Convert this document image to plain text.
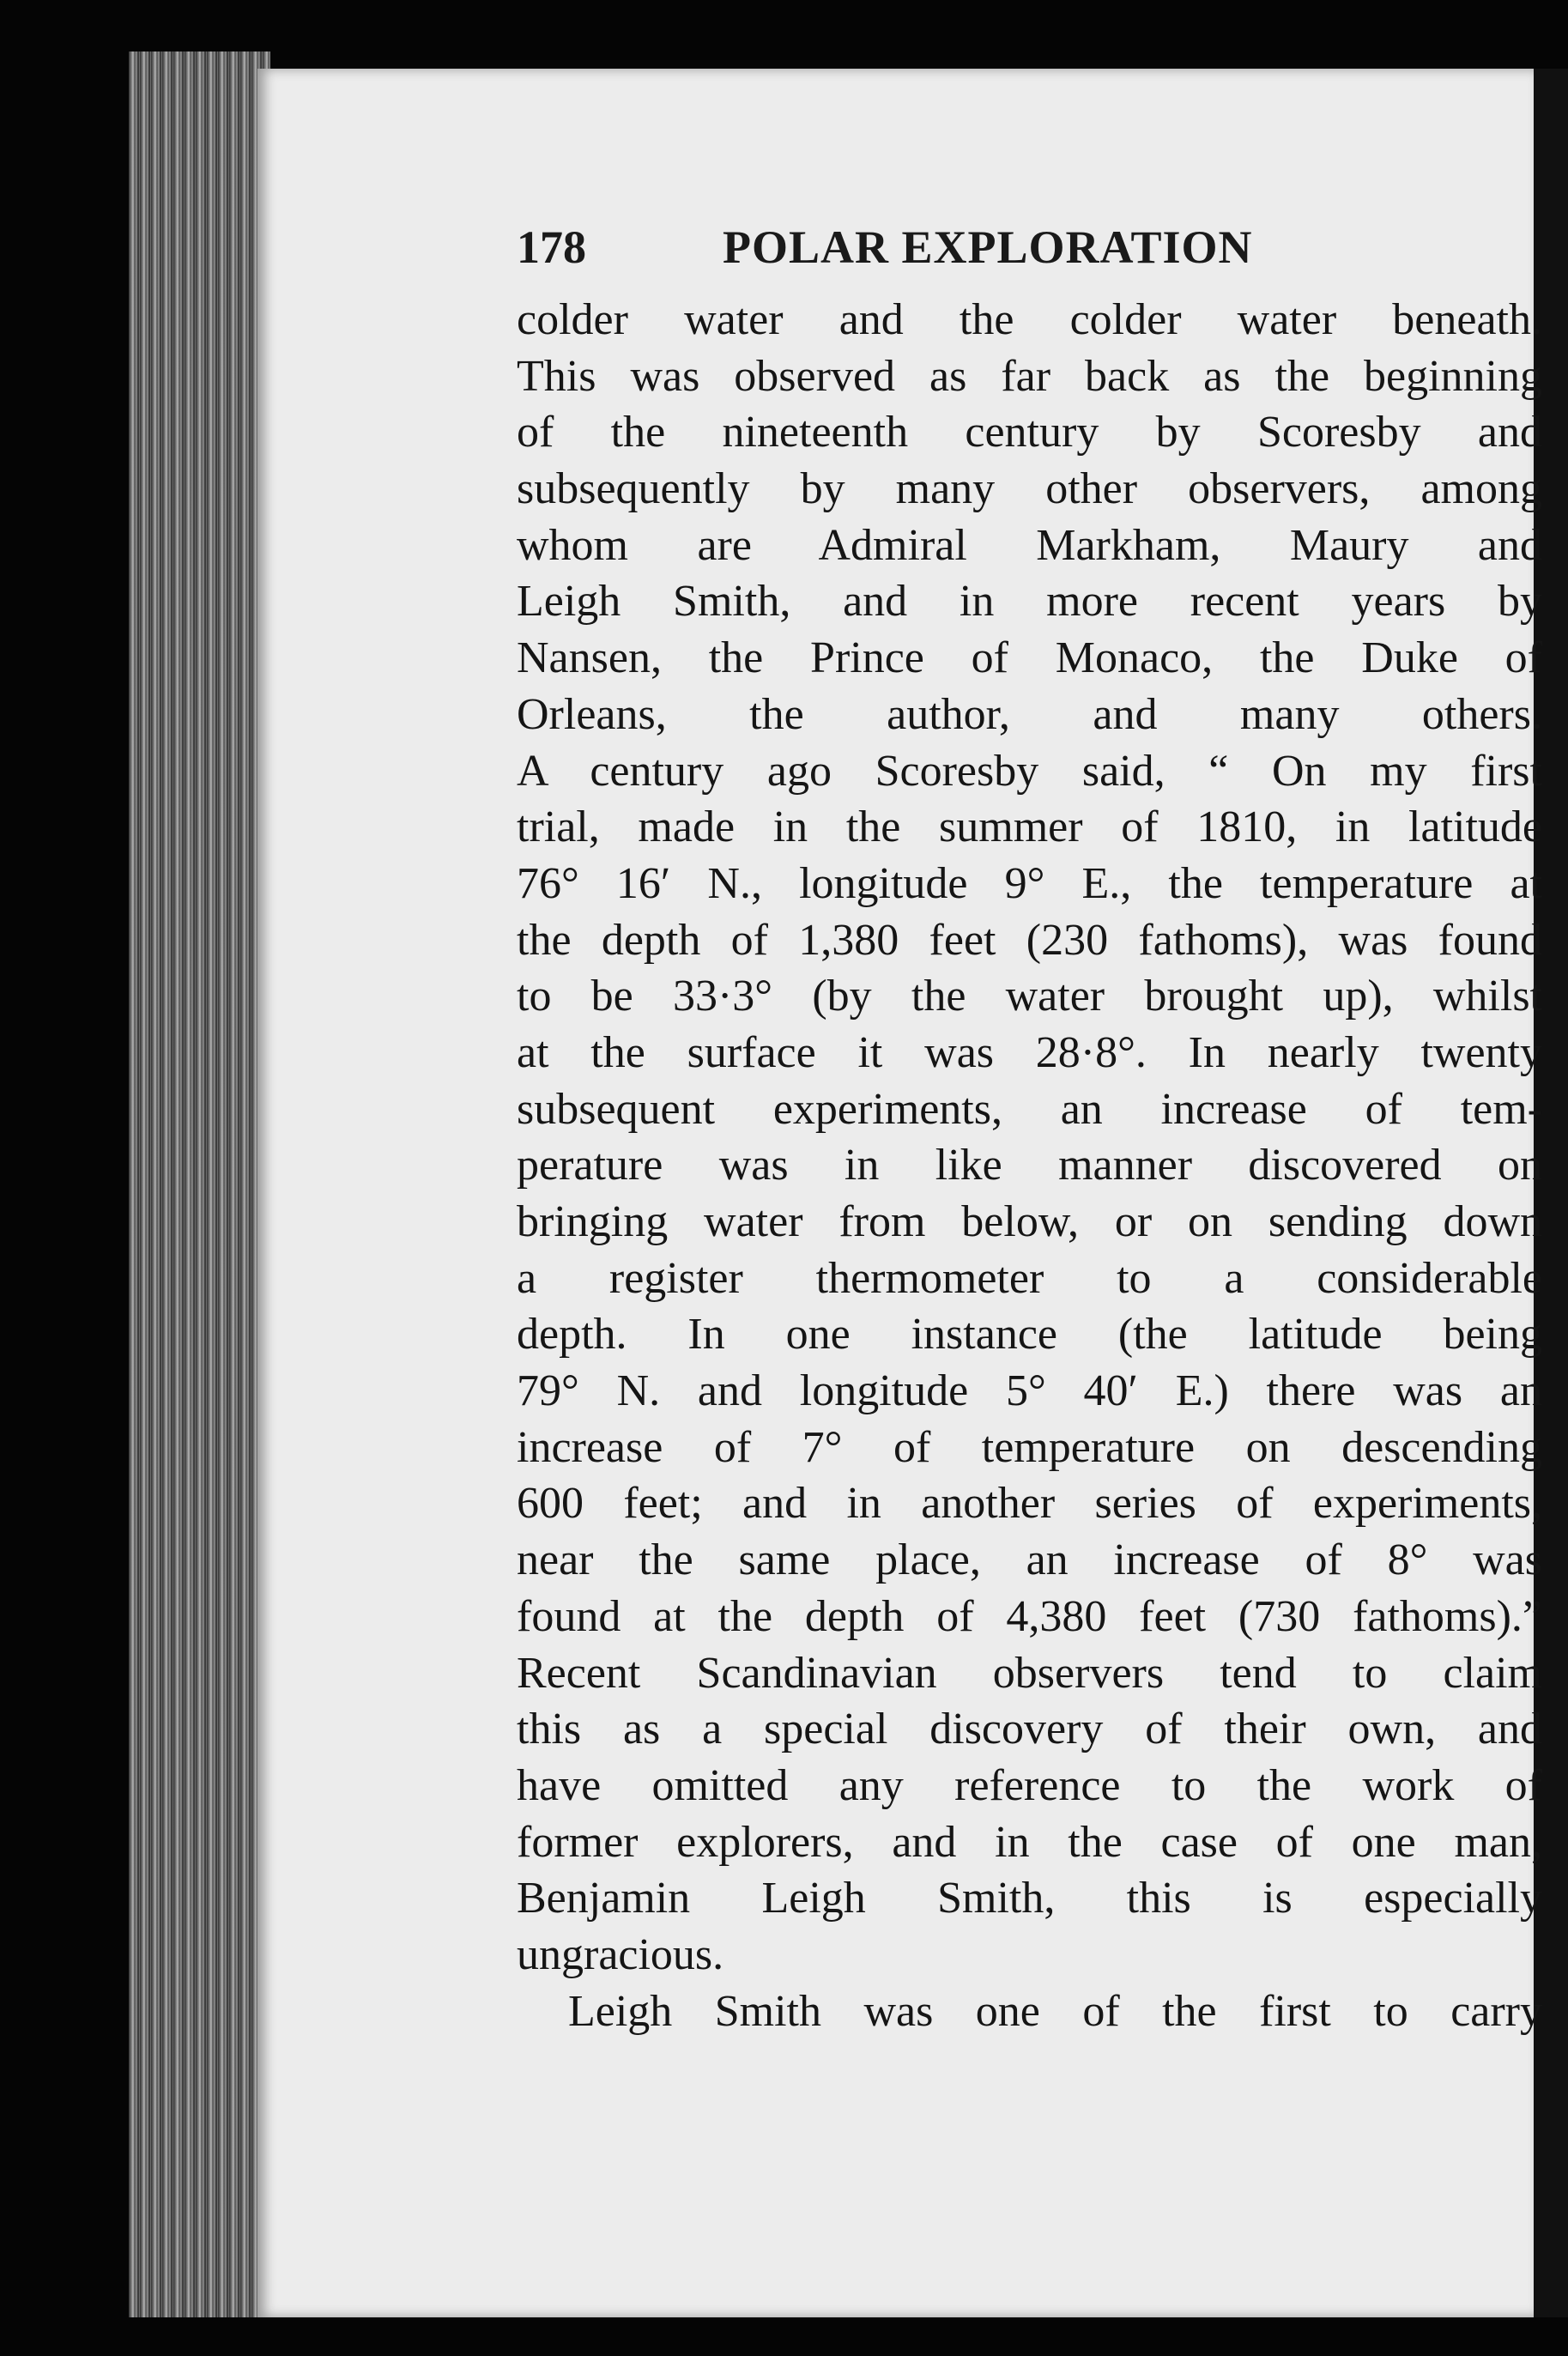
178	POLAR EXPLORATION
colder water and the colder water beneath.
This was observed as far back as the beginning
of the nineteenth century by Scoresby and
subsequently by many other observers, among
whom are Admiral Markham, Maury and
Leigh Smith, and in more recent years by
Nansen, the Prince of Monaco, the Duke of
Orleans, the author, and many others.
A century ago Scoresby said, “ On my first
trial, made in the summer of 1810, in latitude
76° 16′ N., longitude 9° E., the temperature at
the depth of 1,380 feet (230 fathoms), was found
to be 33·3° (by the water brought up), whilst
at the surface it was 28·8°. In nearly twenty
subsequent experiments, an increase of tem-
perature was in like manner discovered on
bringing water from below, or on sending down
a register thermometer to a considerable
depth. In one instance (the latitude being
79° N. and longitude 5° 40′ E.) there was an
increase of 7° of temperature on descending
600 feet; and in another series of experiments,
near the same place, an increase of 8° was
found at the depth of 4,380 feet (730 fathoms).”
Recent Scandinavian observers tend to claim
this as a special discovery of their own, and
have omitted any reference to the work of
former explorers, and in the case of one man,
Benjamin Leigh Smith, this is especially
ungracious.
Leigh Smith was one of the first to carry
